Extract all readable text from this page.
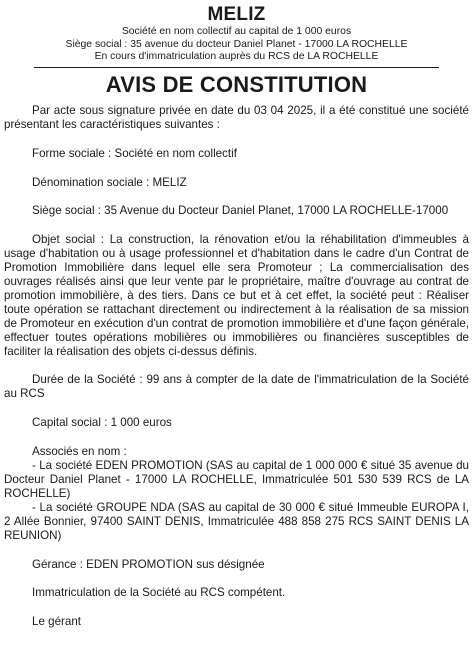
MELIZ

Société en nom collectif au capital de 1 000 euros

Siège social : 35 avenue du docteur Daniel Planet - 17000 LA ROCHELLE

En cours d'immatriculation auprès du RCS de LA ROCHELLE

AVIS DE CONSTITUTION

Par acte sous signature privée en date du 03 04 2025, il a été constitué une société présentant les caractéristiques suivantes :

Forme sociale : Société en nom collectif

Dénomination sociale : MELIZ

Siège social : 35 Avenue du Docteur Daniel Planet, 17000 LA ROCHELLE-17000

Objet social : La construction, la rénovation et/ou la réhabilitation d'immeubles à usage d'habitation ou à usage professionnel et d'habitation dans le cadre d'un Contrat de Promotion Immobilière dans lequel elle sera Promoteur ; La commercialisation des ouvrages réalisés ainsi que leur vente par le propriétaire, maître d'ouvrage au contrat de promotion immobilière, à des tiers. Dans ce but et à cet effet, la société peut : Réaliser toute opération se rattachant directement ou indirectement à la réalisation de sa mission de Promoteur en exécution d'un contrat de promotion immobilière et d'une façon générale, effectuer toutes opérations mobilières ou immobilières ou financières susceptibles de faciliter la réalisation des objets ci-dessus définis.

Durée de la Société : 99 ans à compter de la date de l'immatriculation de la Société au RCS

Capital social : 1 000 euros

Associés en nom :

- La société EDEN PROMOTION (SAS au capital de 1 000 000 € situé 35 avenue du Docteur Daniel Planet - 17000 LA ROCHELLE, Immatriculée 501 530 539 RCS de LA ROCHELLE)

- La société GROUPE NDA (SAS au capital de 30 000 € situé Immeuble EUROPA I, 2 Allée Bonnier, 97400 SAINT DENIS, Immatriculée 488 858 275 RCS SAINT DENIS LA REUNION)

Gérance : EDEN PROMOTION sus désignée

Immatriculation de la Société au RCS compétent.

Le gérant
